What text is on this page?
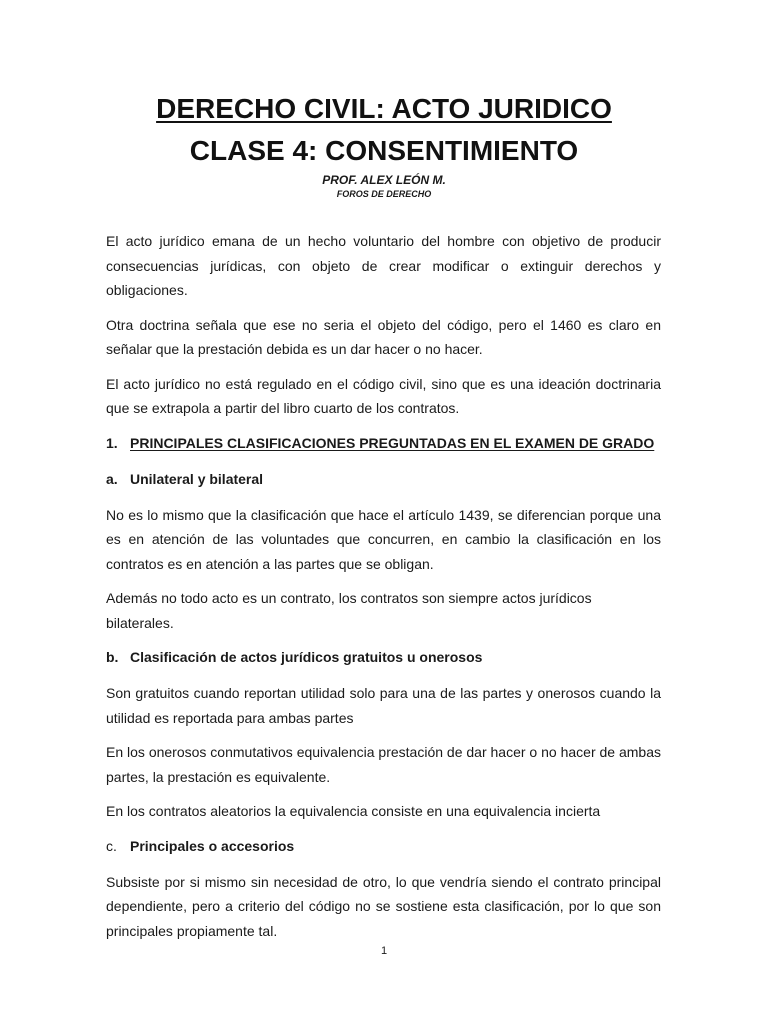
DERECHO CIVIL: ACTO JURIDICO
CLASE 4: CONSENTIMIENTO
PROF. ALEX LEÓN M.
FOROS DE DERECHO

El acto jurídico emana de un hecho voluntario del hombre con objetivo de producir consecuencias jurídicas, con objeto de crear modificar o extinguir derechos y obligaciones.

Otra doctrina señala que ese no seria el objeto del código, pero el 1460 es claro en señalar que la prestación debida es un dar hacer o no hacer.

El acto jurídico no está regulado en el código civil, sino que es una ideación doctrinaria que se extrapola a partir del libro cuarto de los contratos.

1. PRINCIPALES CLASIFICACIONES PREGUNTADAS EN EL EXAMEN DE GRADO
a. Unilateral y bilateral

No es lo mismo que la clasificación que hace el artículo 1439, se diferencian porque una es en atención de las voluntades que concurren, en cambio la clasificación en los contratos es en atención a las partes que se obligan.

Además no todo acto es un contrato, los contratos son siempre actos jurídicos bilaterales.

b. Clasificación de actos jurídicos gratuitos u onerosos

Son gratuitos cuando reportan utilidad solo para una de las partes y onerosos cuando la utilidad es reportada para ambas partes

En los onerosos conmutativos equivalencia prestación de dar hacer o no hacer de ambas partes, la prestación es equivalente.

En los contratos aleatorios la equivalencia consiste en una equivalencia incierta

c. Principales o accesorios

Subsiste por si mismo sin necesidad de otro, lo que vendría siendo el contrato principal dependiente, pero a criterio del código no se sostiene esta clasificación, por lo que son principales propiamente tal.

1
